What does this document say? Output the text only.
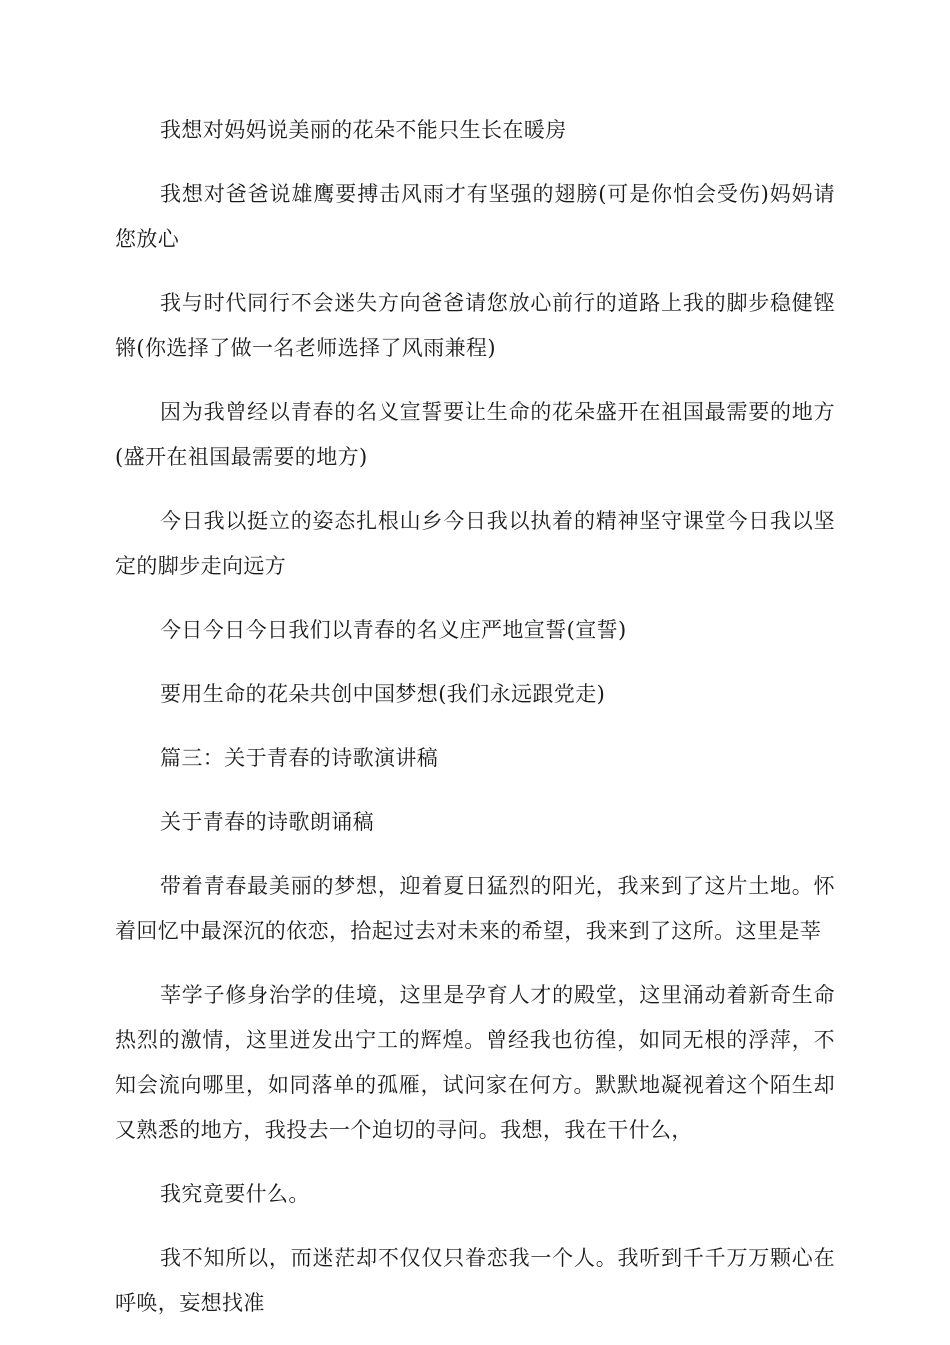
我想对妈妈说美丽的花朵不能只生长在暖房

我想对爸爸说雄鹰要搏击风雨才有坚强的翅膀(可是你怕会受伤)妈妈请您放心

我与时代同行不会迷失方向爸爸请您放心前行的道路上我的脚步稳健铿锵(你选择了做一名老师选择了风雨兼程)

因为我曾经以青春的名义宣誓要让生命的花朵盛开在祖国最需要的地方(盛开在祖国最需要的地方)

今日我以挺立的姿态扎根山乡今日我以执着的精神坚守课堂今日我以坚定的脚步走向远方

今日今日今日我们以青春的名义庄严地宣誓(宣誓)

要用生命的花朵共创中国梦想(我们永远跟党走)

篇三：关于青春的诗歌演讲稿

关于青春的诗歌朗诵稿

带着青春最美丽的梦想，迎着夏日猛烈的阳光，我来到了这片土地。怀着回忆中最深沉的依恋，拾起过去对未来的希望，我来到了这所。这里是莘

莘学子修身治学的佳境，这里是孕育人才的殿堂，这里涌动着新奇生命热烈的激情，这里迸发出宁工的辉煌。曾经我也彷徨，如同无根的浮萍，不知会流向哪里，如同落单的孤雁，试问家在何方。默默地凝视着这个陌生却又熟悉的地方，我投去一个迫切的寻问。我想，我在干什么，

我究竟要什么。

我不知所以，而迷茫却不仅仅只眷恋我一个人。我听到千千万万颗心在呼唤，妄想找准
